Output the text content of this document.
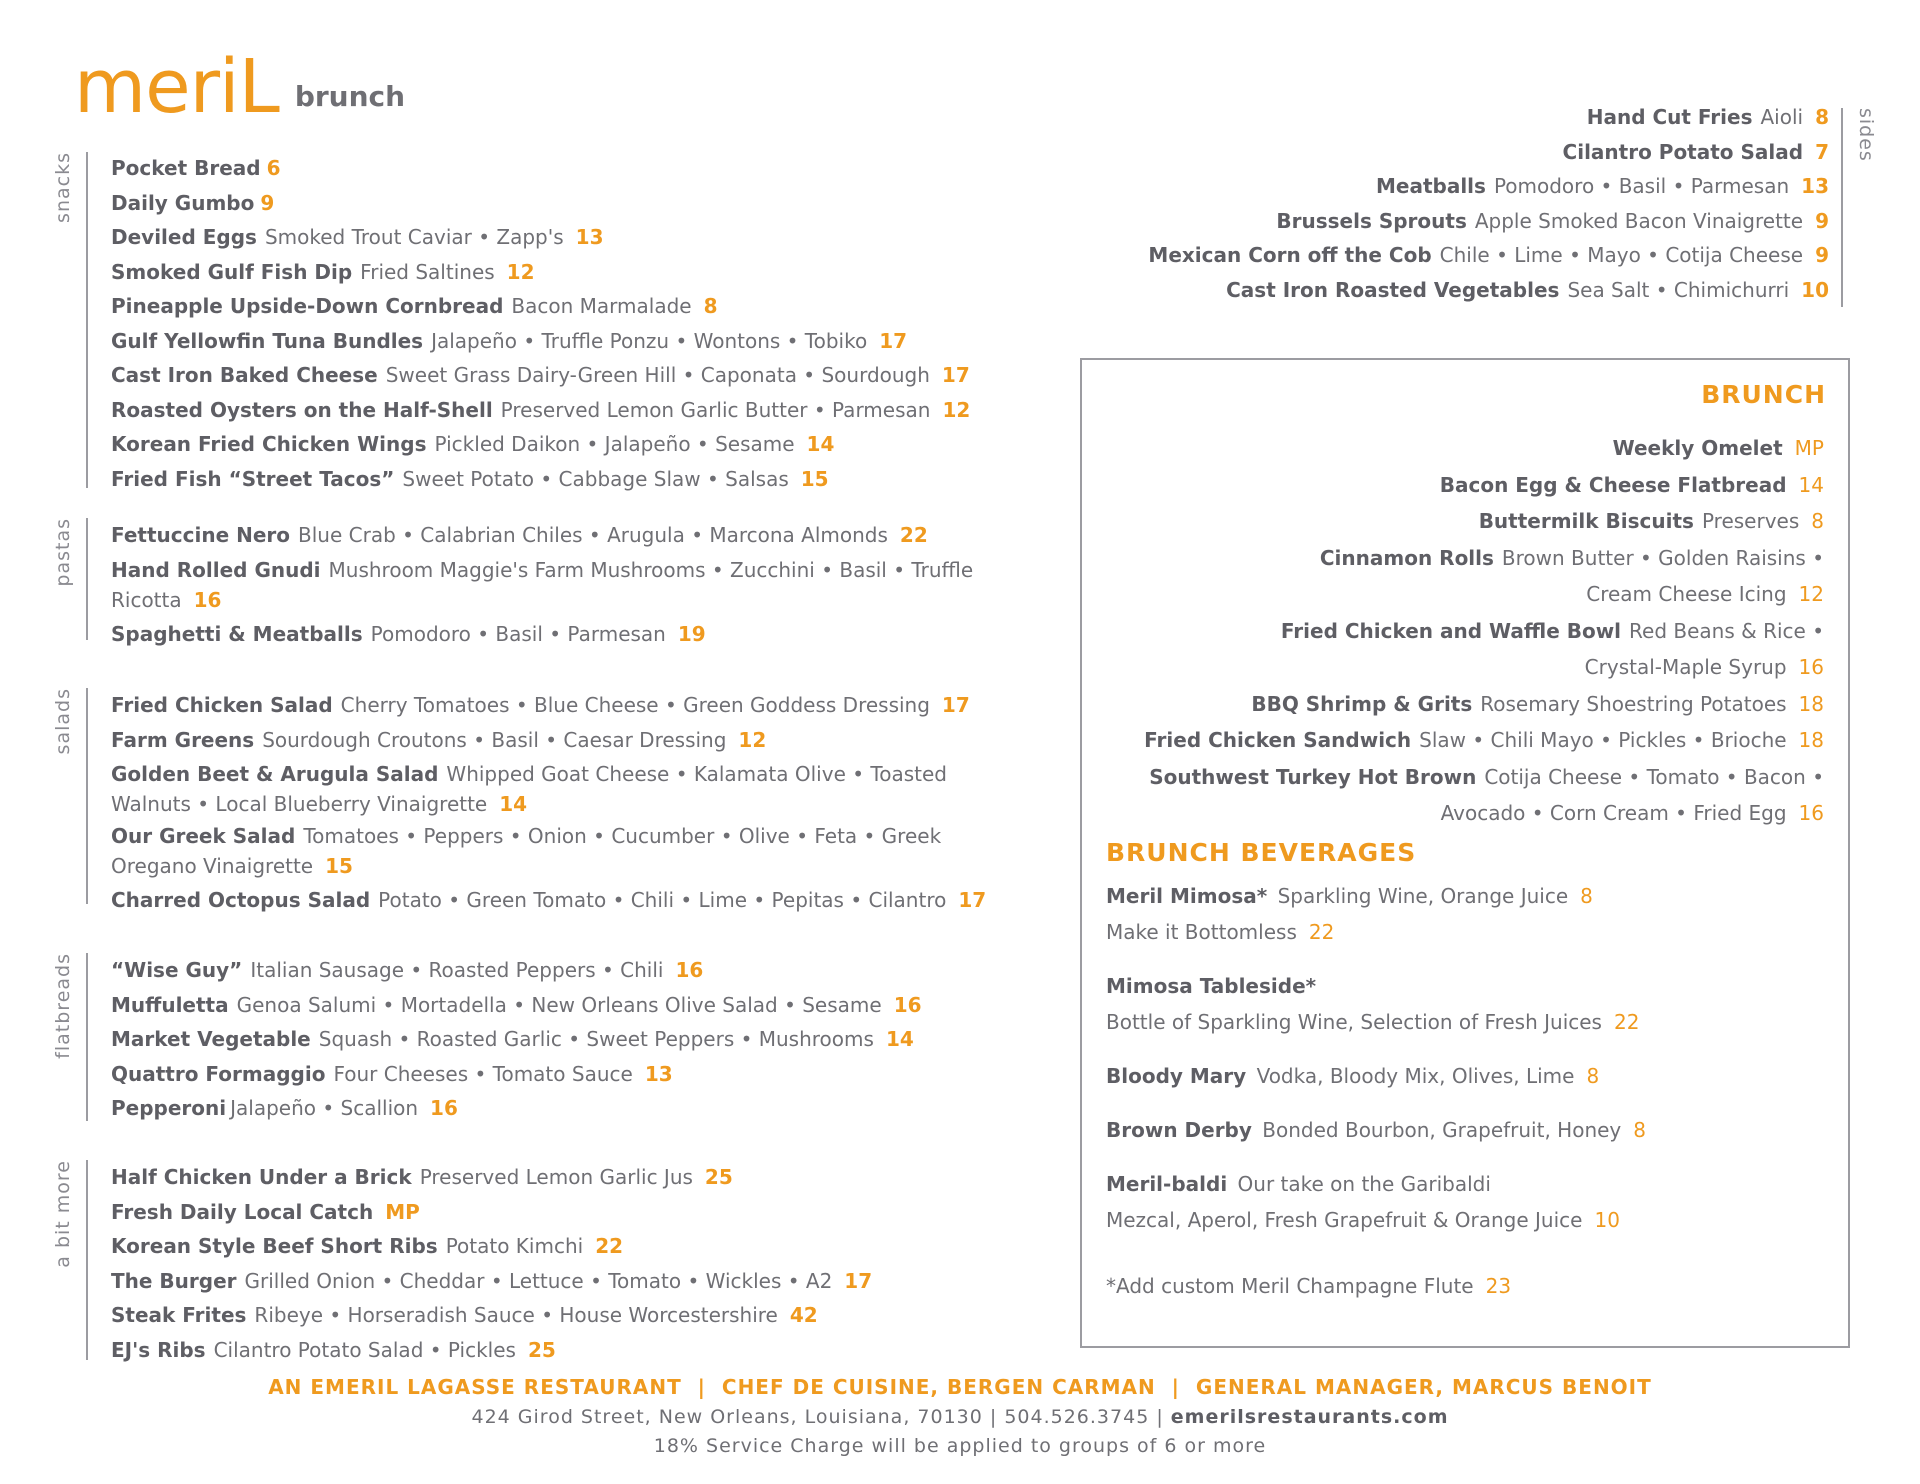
meriL brunch
snacks Pocket Bread 6
Daily Gumbo 9
Deviled Eggs Smoked Trout Caviar • Zapp's 13
Smoked Gulf Fish Dip Fried Saltines 12
Pineapple Upside-Down Cornbread Bacon Marmalade 8
Gulf Yellowfin Tuna Bundles Jalapeño • Truffle Ponzu • Wontons • Tobiko 17
Cast Iron Baked Cheese Sweet Grass Dairy-Green Hill • Caponata • Sourdough 17
Roasted Oysters on the Half-Shell Preserved Lemon Garlic Butter • Parmesan 12
Korean Fried Chicken Wings Pickled Daikon • Jalapeño • Sesame 14
Fried Fish “Street Tacos” Sweet Potato • Cabbage Slaw • Salsas 15
pastas Fettuccine Nero Blue Crab • Calabrian Chiles • Arugula • Marcona Almonds 22
Hand Rolled Gnudi Mushroom Maggie's Farm Mushrooms • Zucchini • Basil • Truffle Ricotta 16
Spaghetti & Meatballs Pomodoro • Basil • Parmesan 19
salads Fried Chicken Salad Cherry Tomatoes • Blue Cheese • Green Goddess Dressing 17
Farm Greens Sourdough Croutons • Basil • Caesar Dressing 12
Golden Beet & Arugula Salad Whipped Goat Cheese • Kalamata Olive • Toasted Walnuts • Local Blueberry Vinaigrette 14
Our Greek Salad Tomatoes • Peppers • Onion • Cucumber • Olive • Feta • Greek Oregano Vinaigrette 15
Charred Octopus Salad Potato • Green Tomato • Chili • Lime • Pepitas • Cilantro 17
flatbreads “Wise Guy” Italian Sausage • Roasted Peppers • Chili 16
Muffuletta Genoa Salumi • Mortadella • New Orleans Olive Salad • Sesame 16
Market Vegetable Squash • Roasted Garlic • Sweet Peppers • Mushrooms 14
Quattro Formaggio Four Cheeses • Tomato Sauce 13
Pepperoni Jalapeño • Scallion 16
a bit more Half Chicken Under a Brick Preserved Lemon Garlic Jus 25
Fresh Daily Local Catch MP
Korean Style Beef Short Ribs Potato Kimchi 22
The Burger Grilled Onion • Cheddar • Lettuce • Tomato • Wickles • A2 17
Steak Frites Ribeye • Horseradish Sauce • House Worcestershire 42
EJ's Ribs Cilantro Potato Salad • Pickles 25
sides
Hand Cut Fries Aioli 8
Cilantro Potato Salad 7
Meatballs Pomodoro • Basil • Parmesan 13
Brussels Sprouts Apple Smoked Bacon Vinaigrette 9
Mexican Corn off the Cob Chile • Lime • Mayo • Cotija Cheese 9
Cast Iron Roasted Vegetables Sea Salt • Chimichurri 10
BRUNCH
Weekly Omelet MP
Bacon Egg & Cheese Flatbread 14
Buttermilk Biscuits Preserves 8
Cinnamon Rolls Brown Butter • Golden Raisins •
Cream Cheese Icing 12
Fried Chicken and Waffle Bowl Red Beans & Rice •
Crystal-Maple Syrup 16
BBQ Shrimp & Grits Rosemary Shoestring Potatoes 18
Fried Chicken Sandwich Slaw • Chili Mayo • Pickles • Brioche 18
Southwest Turkey Hot Brown Cotija Cheese • Tomato • Bacon •
Avocado • Corn Cream • Fried Egg 16
BRUNCH BEVERAGES
Meril Mimosa* Sparkling Wine, Orange Juice 8
Make it Bottomless 22
Mimosa Tableside*
Bottle of Sparkling Wine, Selection of Fresh Juices 22
Bloody Mary Vodka, Bloody Mix, Olives, Lime 8
Brown Derby Bonded Bourbon, Grapefruit, Honey 8
Meril-baldi Our take on the Garibaldi
Mezcal, Aperol, Fresh Grapefruit & Orange Juice 10
*Add custom Meril Champagne Flute 23
AN EMERIL LAGASSE RESTAURANT  |  CHEF DE CUISINE, BERGEN CARMAN  |  GENERAL MANAGER, MARCUS BENOIT
424 Girod Street, New Orleans, Louisiana, 70130 | 504.526.3745 | emerilsrestaurants.com
18% Service Charge will be applied to groups of 6 or more
